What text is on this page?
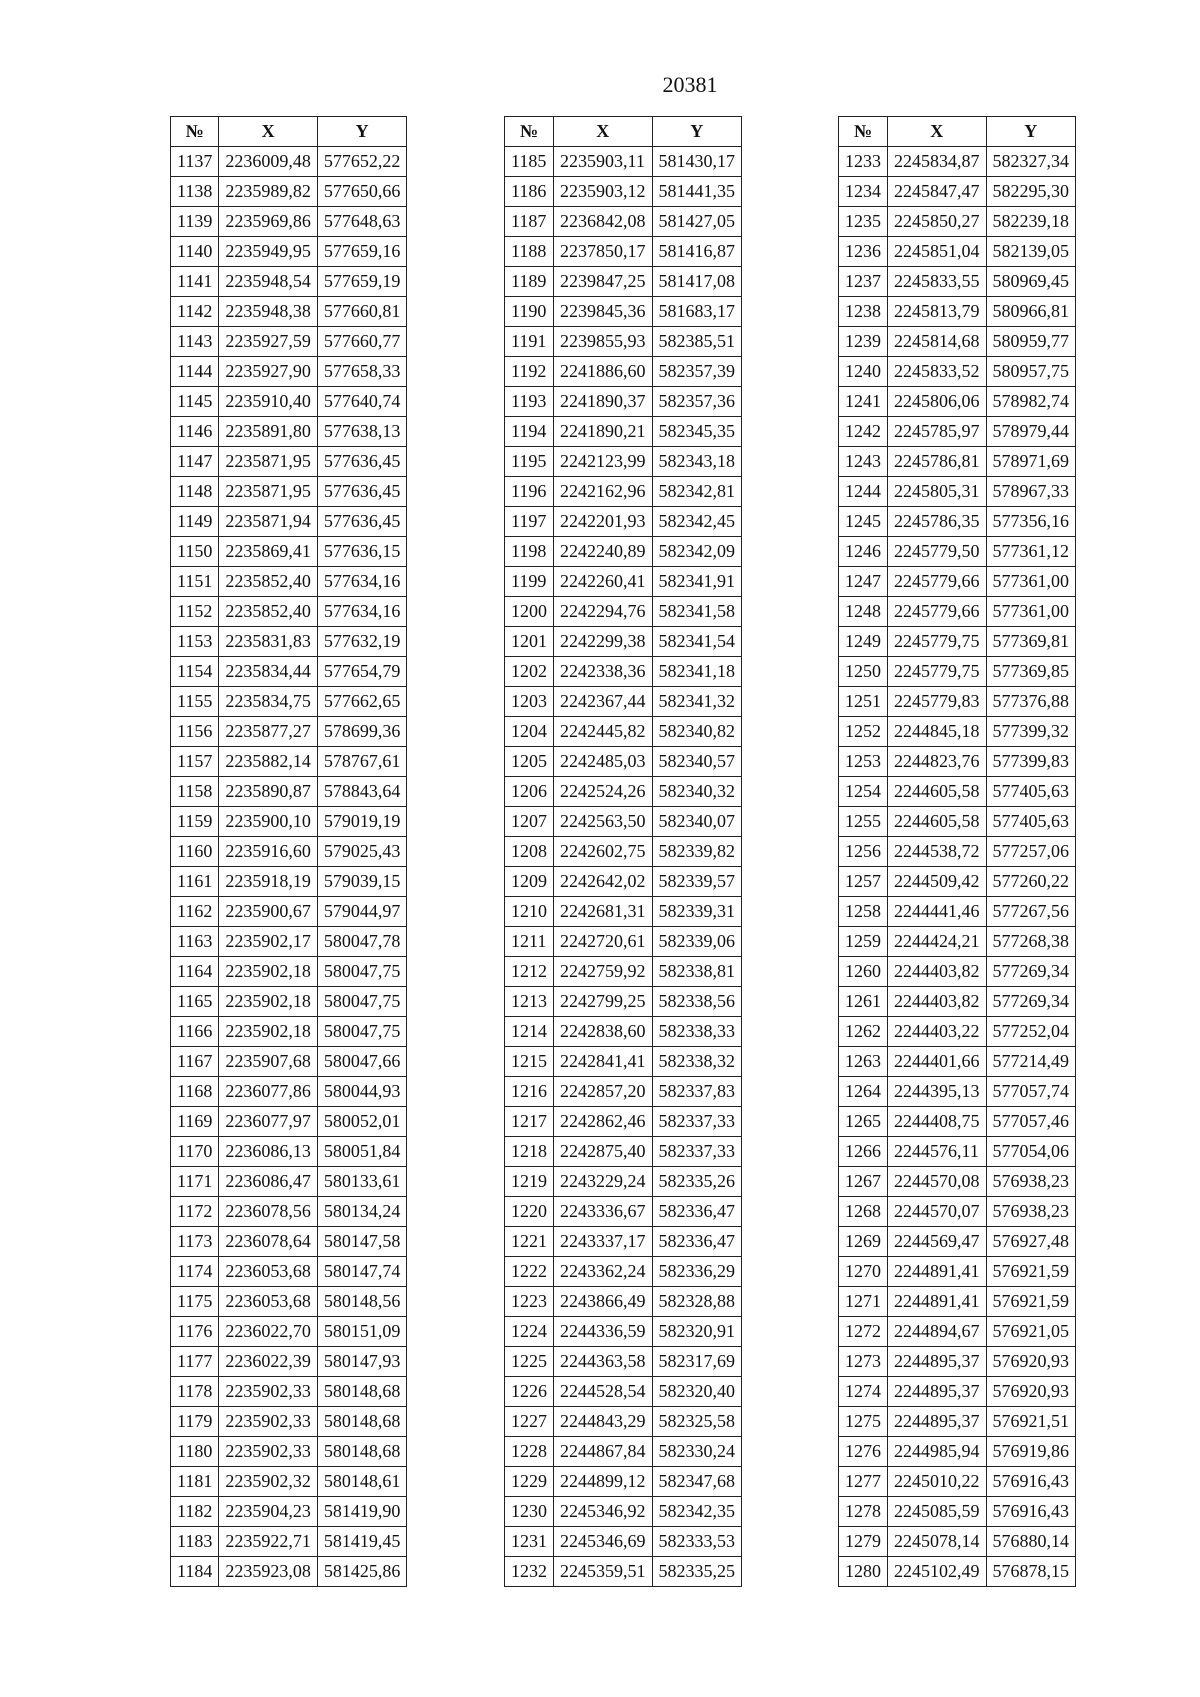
20381
№	X	Y
1137	2236009,48	577652,22
1138	2235989,82	577650,66
1139	2235969,86	577648,63
1140	2235949,95	577659,16
1141	2235948,54	577659,19
1142	2235948,38	577660,81
1143	2235927,59	577660,77
1144	2235927,90	577658,33
1145	2235910,40	577640,74
1146	2235891,80	577638,13
1147	2235871,95	577636,45
1148	2235871,95	577636,45
1149	2235871,94	577636,45
1150	2235869,41	577636,15
1151	2235852,40	577634,16
1152	2235852,40	577634,16
1153	2235831,83	577632,19
1154	2235834,44	577654,79
1155	2235834,75	577662,65
1156	2235877,27	578699,36
1157	2235882,14	578767,61
1158	2235890,87	578843,64
1159	2235900,10	579019,19
1160	2235916,60	579025,43
1161	2235918,19	579039,15
1162	2235900,67	579044,97
1163	2235902,17	580047,78
1164	2235902,18	580047,75
1165	2235902,18	580047,75
1166	2235902,18	580047,75
1167	2235907,68	580047,66
1168	2236077,86	580044,93
1169	2236077,97	580052,01
1170	2236086,13	580051,84
1171	2236086,47	580133,61
1172	2236078,56	580134,24
1173	2236078,64	580147,58
1174	2236053,68	580147,74
1175	2236053,68	580148,56
1176	2236022,70	580151,09
1177	2236022,39	580147,93
1178	2235902,33	580148,68
1179	2235902,33	580148,68
1180	2235902,33	580148,68
1181	2235902,32	580148,61
1182	2235904,23	581419,90
1183	2235922,71	581419,45
1184	2235923,08	581425,86
№	X	Y
1185	2235903,11	581430,17
1186	2235903,12	581441,35
1187	2236842,08	581427,05
1188	2237850,17	581416,87
1189	2239847,25	581417,08
1190	2239845,36	581683,17
1191	2239855,93	582385,51
1192	2241886,60	582357,39
1193	2241890,37	582357,36
1194	2241890,21	582345,35
1195	2242123,99	582343,18
1196	2242162,96	582342,81
1197	2242201,93	582342,45
1198	2242240,89	582342,09
1199	2242260,41	582341,91
1200	2242294,76	582341,58
1201	2242299,38	582341,54
1202	2242338,36	582341,18
1203	2242367,44	582341,32
1204	2242445,82	582340,82
1205	2242485,03	582340,57
1206	2242524,26	582340,32
1207	2242563,50	582340,07
1208	2242602,75	582339,82
1209	2242642,02	582339,57
1210	2242681,31	582339,31
1211	2242720,61	582339,06
1212	2242759,92	582338,81
1213	2242799,25	582338,56
1214	2242838,60	582338,33
1215	2242841,41	582338,32
1216	2242857,20	582337,83
1217	2242862,46	582337,33
1218	2242875,40	582337,33
1219	2243229,24	582335,26
1220	2243336,67	582336,47
1221	2243337,17	582336,47
1222	2243362,24	582336,29
1223	2243866,49	582328,88
1224	2244336,59	582320,91
1225	2244363,58	582317,69
1226	2244528,54	582320,40
1227	2244843,29	582325,58
1228	2244867,84	582330,24
1229	2244899,12	582347,68
1230	2245346,92	582342,35
1231	2245346,69	582333,53
1232	2245359,51	582335,25
№	X	Y
1233	2245834,87	582327,34
1234	2245847,47	582295,30
1235	2245850,27	582239,18
1236	2245851,04	582139,05
1237	2245833,55	580969,45
1238	2245813,79	580966,81
1239	2245814,68	580959,77
1240	2245833,52	580957,75
1241	2245806,06	578982,74
1242	2245785,97	578979,44
1243	2245786,81	578971,69
1244	2245805,31	578967,33
1245	2245786,35	577356,16
1246	2245779,50	577361,12
1247	2245779,66	577361,00
1248	2245779,66	577361,00
1249	2245779,75	577369,81
1250	2245779,75	577369,85
1251	2245779,83	577376,88
1252	2244845,18	577399,32
1253	2244823,76	577399,83
1254	2244605,58	577405,63
1255	2244605,58	577405,63
1256	2244538,72	577257,06
1257	2244509,42	577260,22
1258	2244441,46	577267,56
1259	2244424,21	577268,38
1260	2244403,82	577269,34
1261	2244403,82	577269,34
1262	2244403,22	577252,04
1263	2244401,66	577214,49
1264	2244395,13	577057,74
1265	2244408,75	577057,46
1266	2244576,11	577054,06
1267	2244570,08	576938,23
1268	2244570,07	576938,23
1269	2244569,47	576927,48
1270	2244891,41	576921,59
1271	2244891,41	576921,59
1272	2244894,67	576921,05
1273	2244895,37	576920,93
1274	2244895,37	576920,93
1275	2244895,37	576921,51
1276	2244985,94	576919,86
1277	2245010,22	576916,43
1278	2245085,59	576916,43
1279	2245078,14	576880,14
1280	2245102,49	576878,15
